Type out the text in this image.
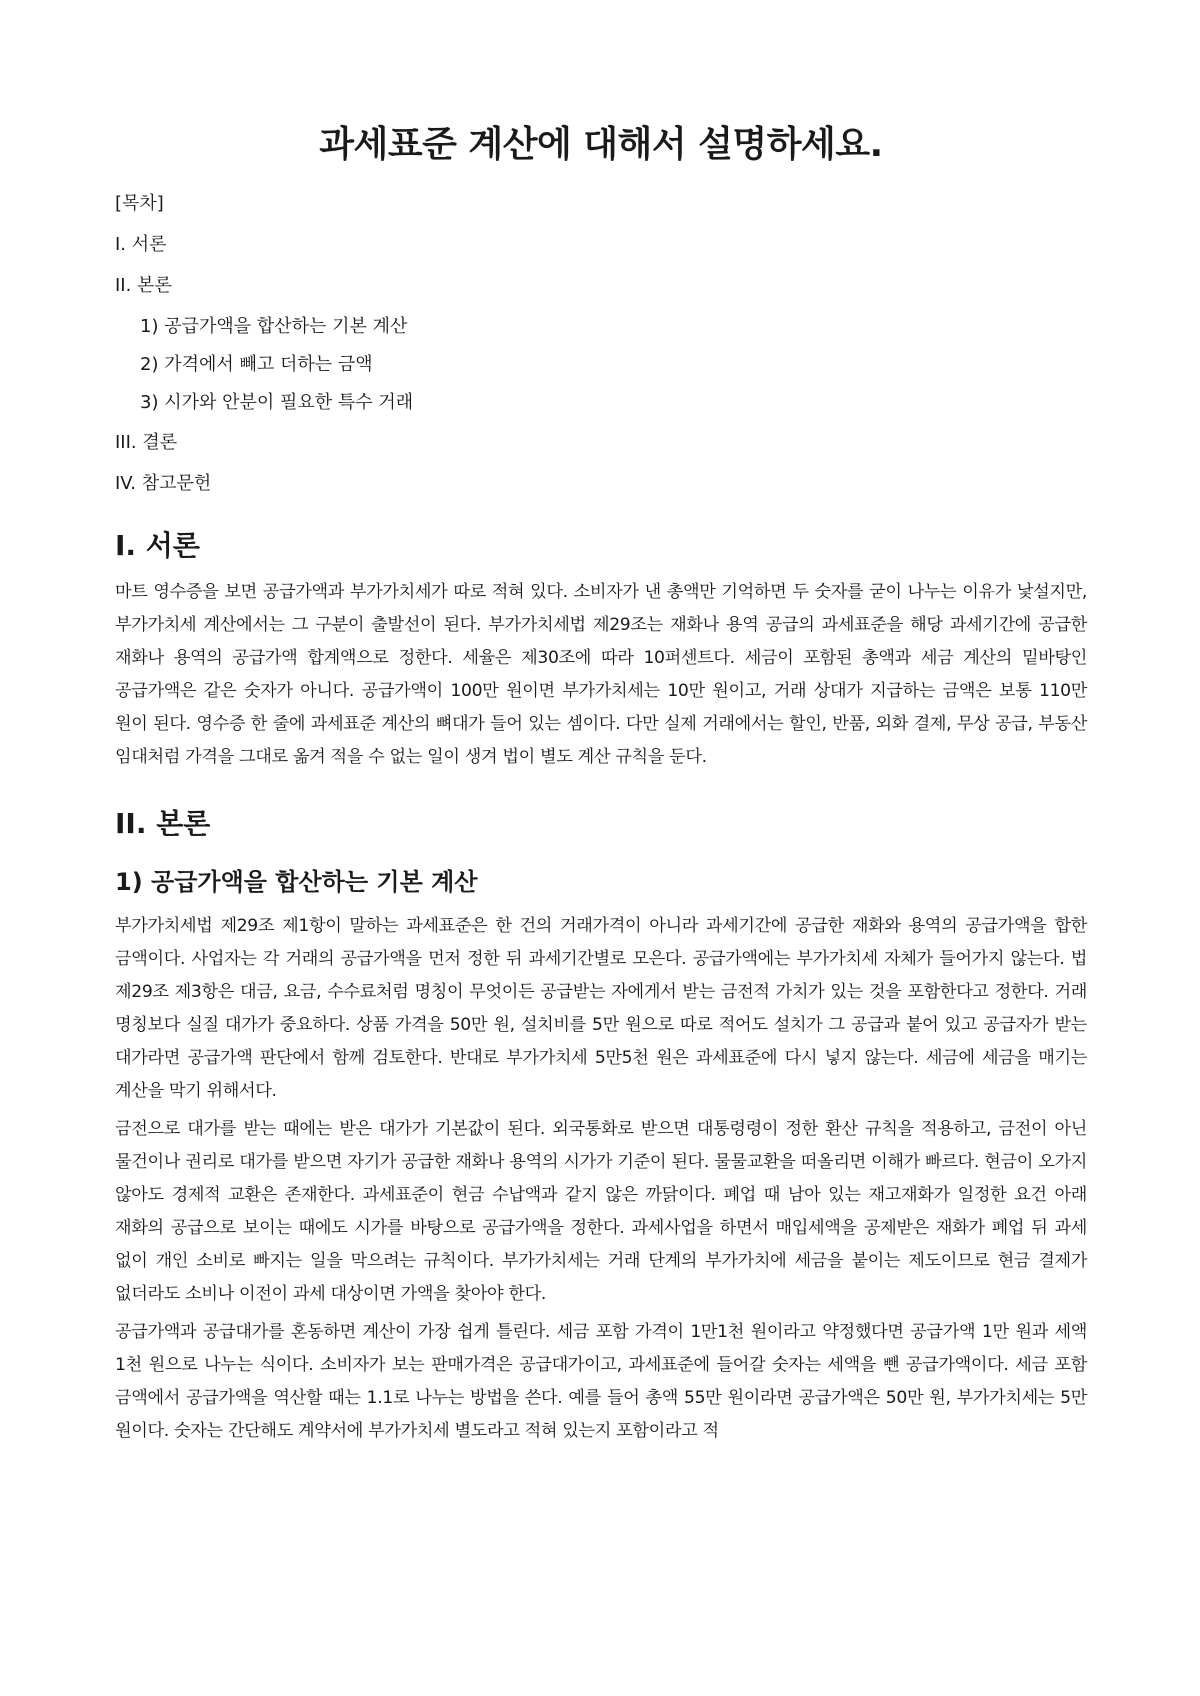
과세표준 계산에 대해서 설명하세요.
[목차]
I. 서론
II. 본론
1) 공급가액을 합산하는 기본 계산
2) 가격에서 빼고 더하는 금액
3) 시가와 안분이 필요한 특수 거래
III. 결론
IV. 참고문헌
I. 서론

마트 영수증을 보면 공급가액과 부가가치세가 따로 적혀 있다. 소비자가 낸 총액만 기억하면 두 숫자를 굳이 나누는 이유가 낯설지만, 부가가치세 계산에서는 그 구분이 출발선이 된다. 부가가치세법 제29조는 재화나 용역 공급의 과세표준을 해당 과세기간에 공급한 재화나 용역의 공급가액 합계액으로 정한다. 세율은 제30조에 따라 10퍼센트다. 세금이 포함된 총액과 세금 계산의 밑바탕인 공급가액은 같은 숫자가 아니다. 공급가액이 100만 원이면 부가가치세는 10만 원이고, 거래 상대가 지급하는 금액은 보통 110만 원이 된다. 영수증 한 줄에 과세표준 계산의 뼈대가 들어 있는 셈이다. 다만 실제 거래에서는 할인, 반품, 외화 결제, 무상 공급, 부동산 임대처럼 가격을 그대로 옮겨 적을 수 없는 일이 생겨 법이 별도 계산 규칙을 둔다.

II. 본론
1) 공급가액을 합산하는 기본 계산

부가가치세법 제29조 제1항이 말하는 과세표준은 한 건의 거래가격이 아니라 과세기간에 공급한 재화와 용역의 공급가액을 합한 금액이다. 사업자는 각 거래의 공급가액을 먼저 정한 뒤 과세기간별로 모은다. 공급가액에는 부가가치세 자체가 들어가지 않는다. 법 제29조 제3항은 대금, 요금, 수수료처럼 명칭이 무엇이든 공급받는 자에게서 받는 금전적 가치가 있는 것을 포함한다고 정한다. 거래 명칭보다 실질 대가가 중요하다. 상품 가격을 50만 원, 설치비를 5만 원으로 따로 적어도 설치가 그 공급과 붙어 있고 공급자가 받는 대가라면 공급가액 판단에서 함께 검토한다. 반대로 부가가치세 5만5천 원은 과세표준에 다시 넣지 않는다. 세금에 세금을 매기는 계산을 막기 위해서다.

금전으로 대가를 받는 때에는 받은 대가가 기본값이 된다. 외국통화로 받으면 대통령령이 정한 환산 규칙을 적용하고, 금전이 아닌 물건이나 권리로 대가를 받으면 자기가 공급한 재화나 용역의 시가가 기준이 된다. 물물교환을 떠올리면 이해가 빠르다. 현금이 오가지 않아도 경제적 교환은 존재한다. 과세표준이 현금 수납액과 같지 않은 까닭이다. 폐업 때 남아 있는 재고재화가 일정한 요건 아래 재화의 공급으로 보이는 때에도 시가를 바탕으로 공급가액을 정한다. 과세사업을 하면서 매입세액을 공제받은 재화가 폐업 뒤 과세 없이 개인 소비로 빠지는 일을 막으려는 규칙이다. 부가가치세는 거래 단계의 부가가치에 세금을 붙이는 제도이므로 현금 결제가 없더라도 소비나 이전이 과세 대상이면 가액을 찾아야 한다.

공급가액과 공급대가를 혼동하면 계산이 가장 쉽게 틀린다. 세금 포함 가격이 1만1천 원이라고 약정했다면 공급가액 1만 원과 세액 1천 원으로 나누는 식이다. 소비자가 보는 판매가격은 공급대가이고, 과세표준에 들어갈 숫자는 세액을 뺀 공급가액이다. 세금 포함 금액에서 공급가액을 역산할 때는 1.1로 나누는 방법을 쓴다. 예를 들어 총액 55만 원이라면 공급가액은 50만 원, 부가가치세는 5만 원이다. 숫자는 간단해도 계약서에 부가가치세 별도라고 적혀 있는지 포함이라고 적
